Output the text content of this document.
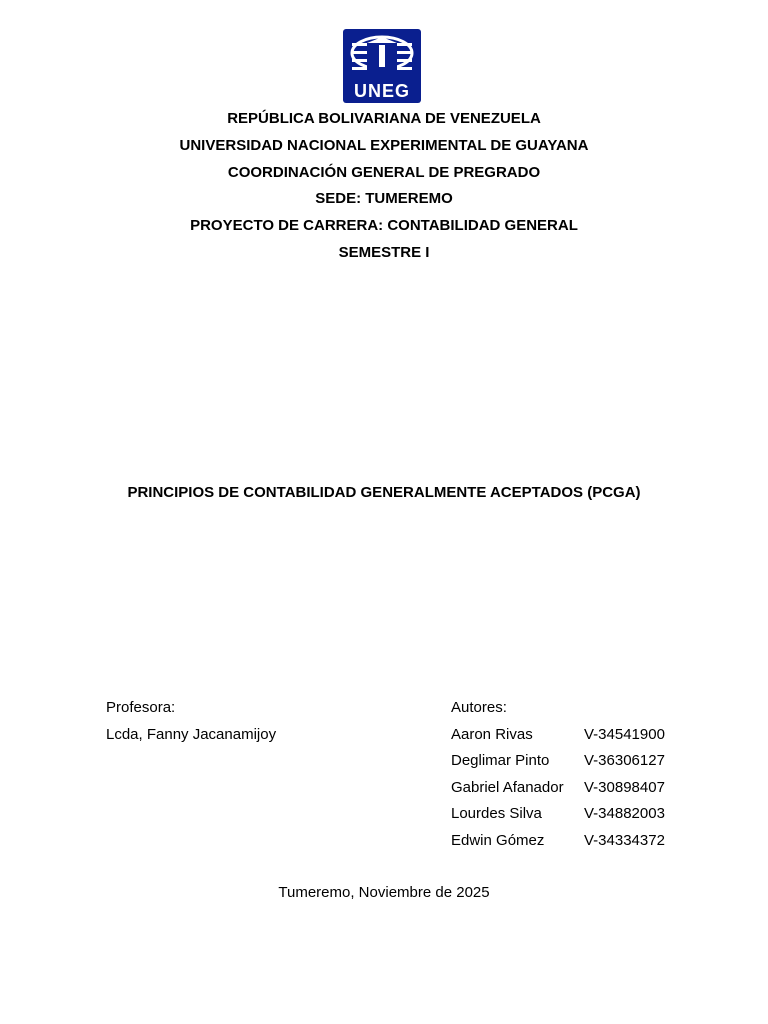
UNEG
REPÚBLICA BOLIVARIANA DE VENEZUELA
UNIVERSIDAD NACIONAL EXPERIMENTAL DE GUAYANA
COORDINACIÓN GENERAL DE PREGRADO
SEDE: TUMEREMO
PROYECTO DE CARRERA: CONTABILIDAD GENERAL
SEMESTRE I
PRINCIPIOS DE CONTABILIDAD GENERALMENTE ACEPTADOS (PCGA)
Profesora:
Lcda, Fanny Jacanamijoy
Autores:
Aaron Rivas	V-34541900
Deglimar Pinto	V-36306127
Gabriel Afanador	V-30898407
Lourdes Silva	V-34882003
Edwin Gómez	V-34334372
Tumeremo, Noviembre de 2025
